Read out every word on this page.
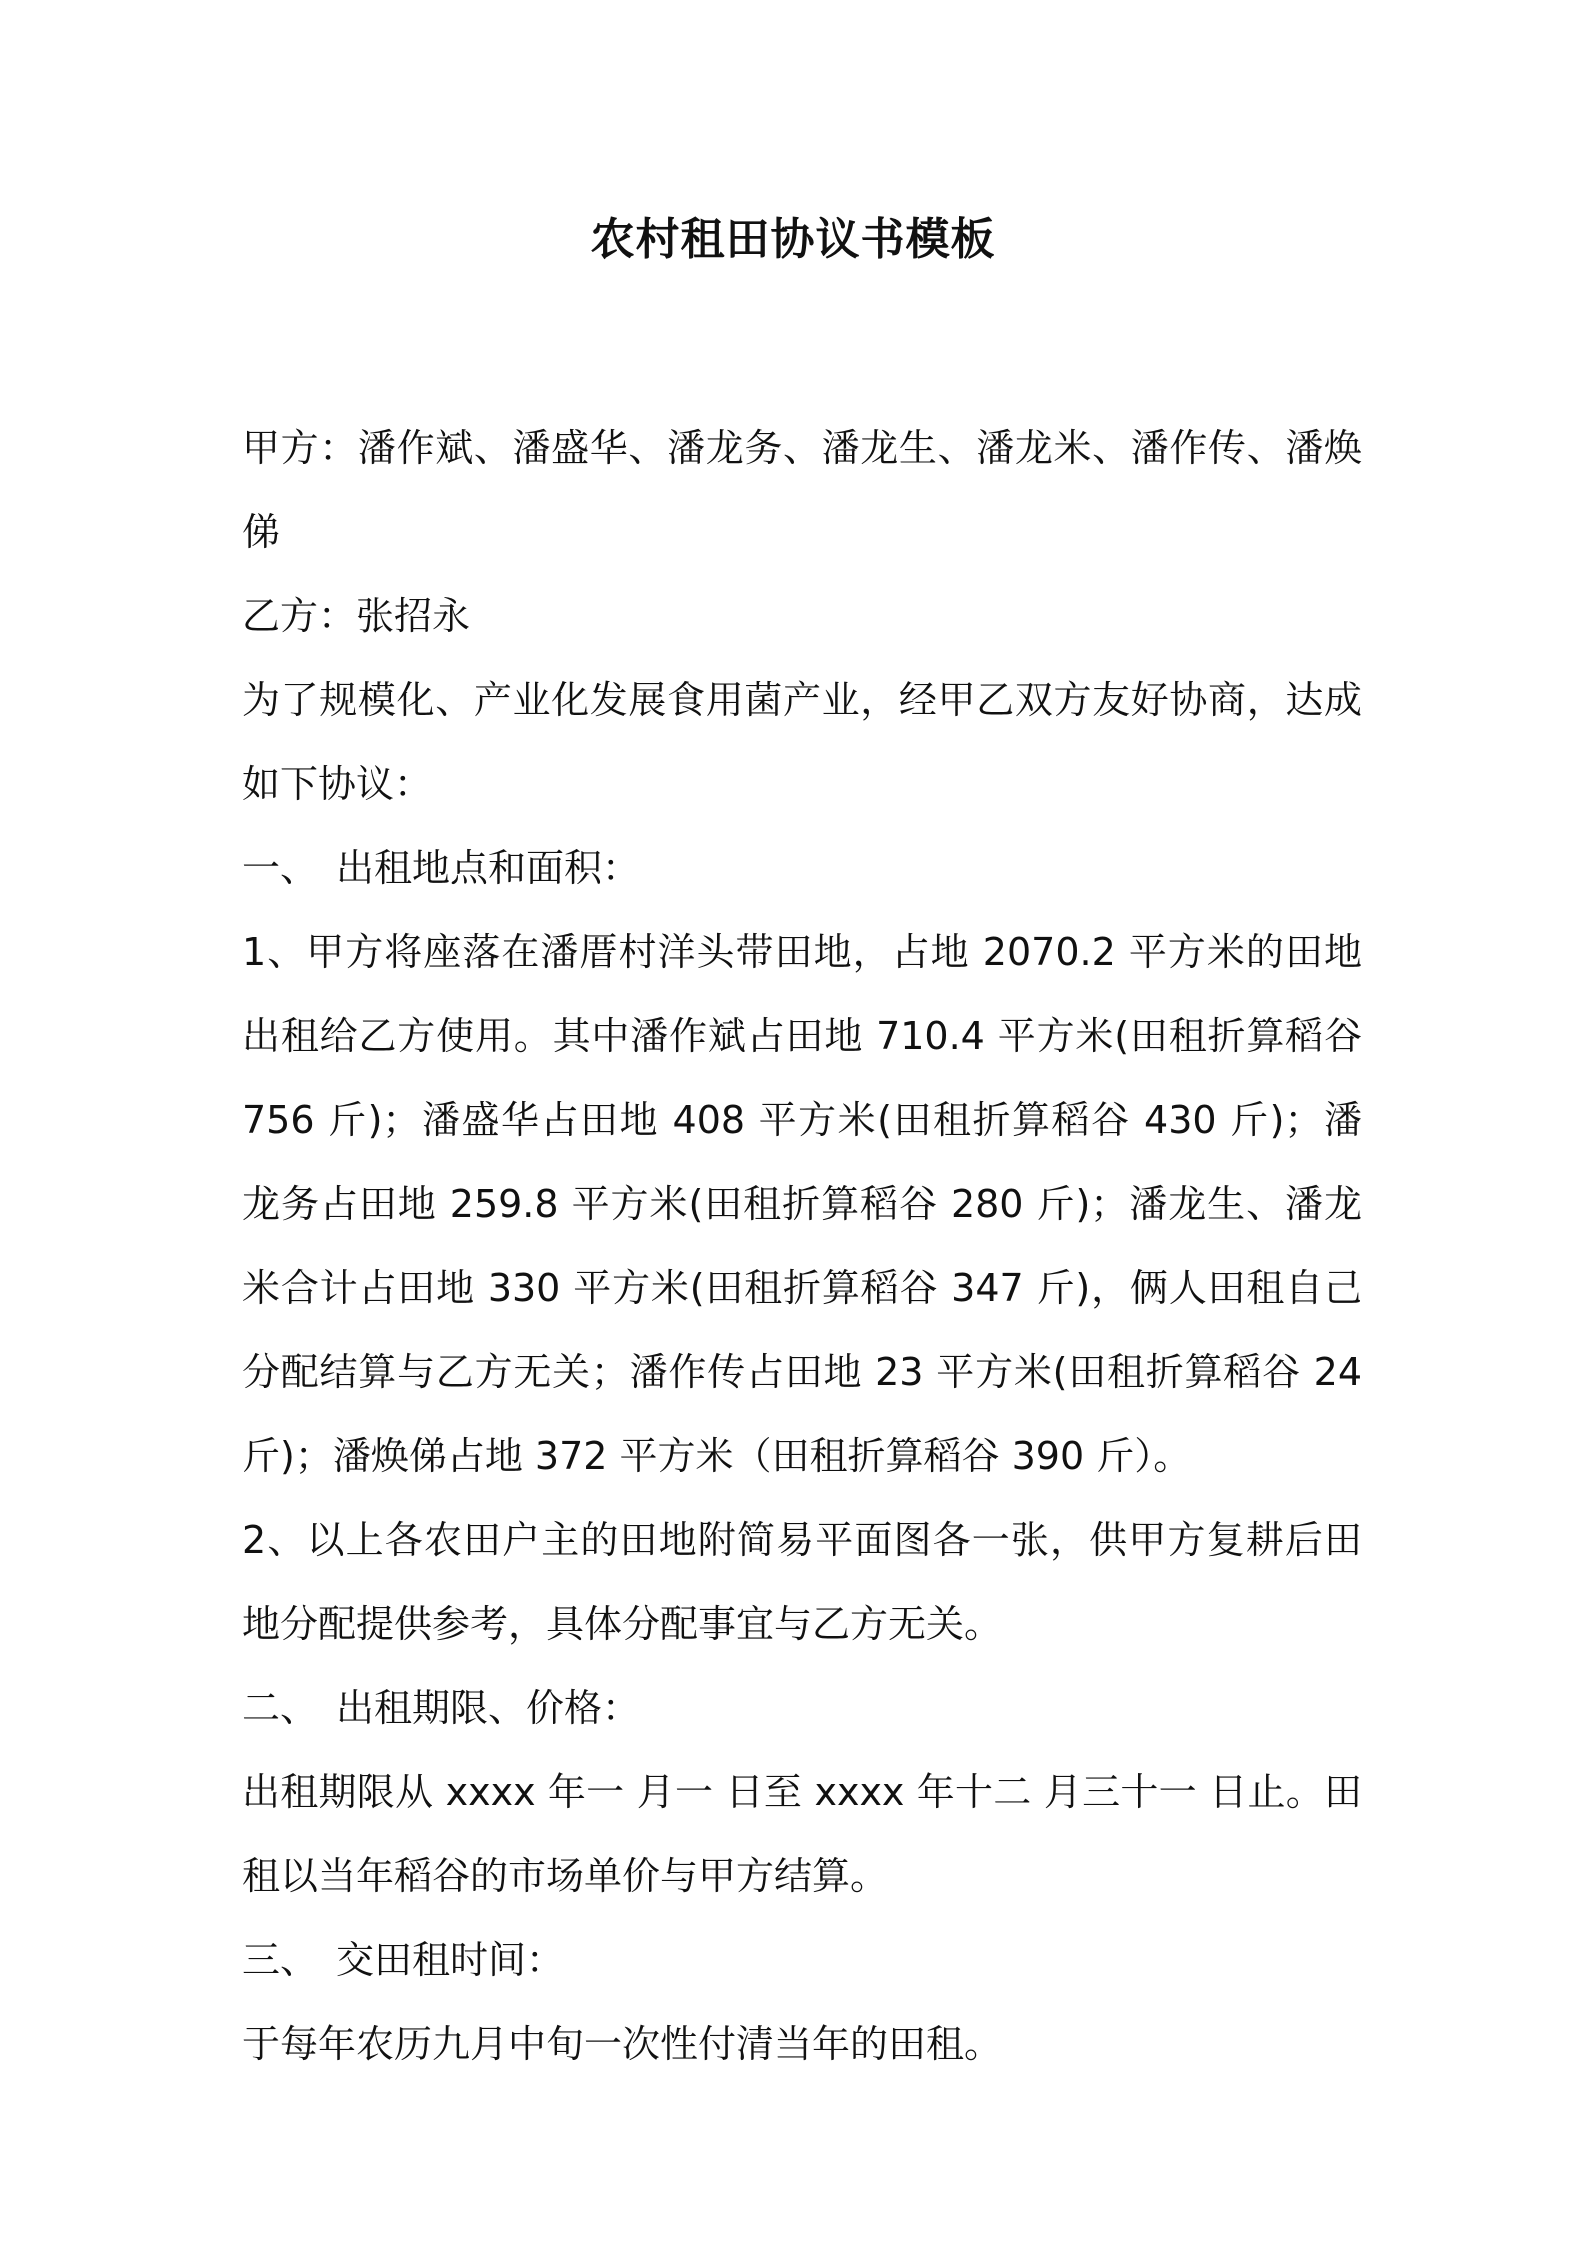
农村租田协议书模板

甲方：潘作斌、潘盛华、潘龙务、潘龙生、潘龙米、潘作传、潘焕俤

乙方：张招永

为了规模化、产业化发展食用菌产业，经甲乙双方友好协商，达成如下协议：

一、 出租地点和面积：

1、甲方将座落在潘厝村洋头带田地，占地 2070.2 平方米的田地出租给乙方使用。其中潘作斌占田地 710.4 平方米(田租折算稻谷 756 斤)；潘盛华占田地 408 平方米(田租折算稻谷 430 斤)；潘龙务占田地 259.8 平方米(田租折算稻谷 280 斤)；潘龙生、潘龙米合计占田地 330 平方米(田租折算稻谷 347 斤)，俩人田租自己分配结算与乙方无关；潘作传占田地 23 平方米(田租折算稻谷 24 斤)；潘焕俤占地 372 平方米（田租折算稻谷 390 斤）。

2、以上各农田户主的田地附简易平面图各一张，供甲方复耕后田地分配提供参考，具体分配事宜与乙方无关。

二、 出租期限、价格：

出租期限从 xxxx 年一 月一 日至 xxxx 年十二 月三十一 日止。田租以当年稻谷的市场单价与甲方结算。

三、 交田租时间：

于每年农历九月中旬一次性付清当年的田租。
